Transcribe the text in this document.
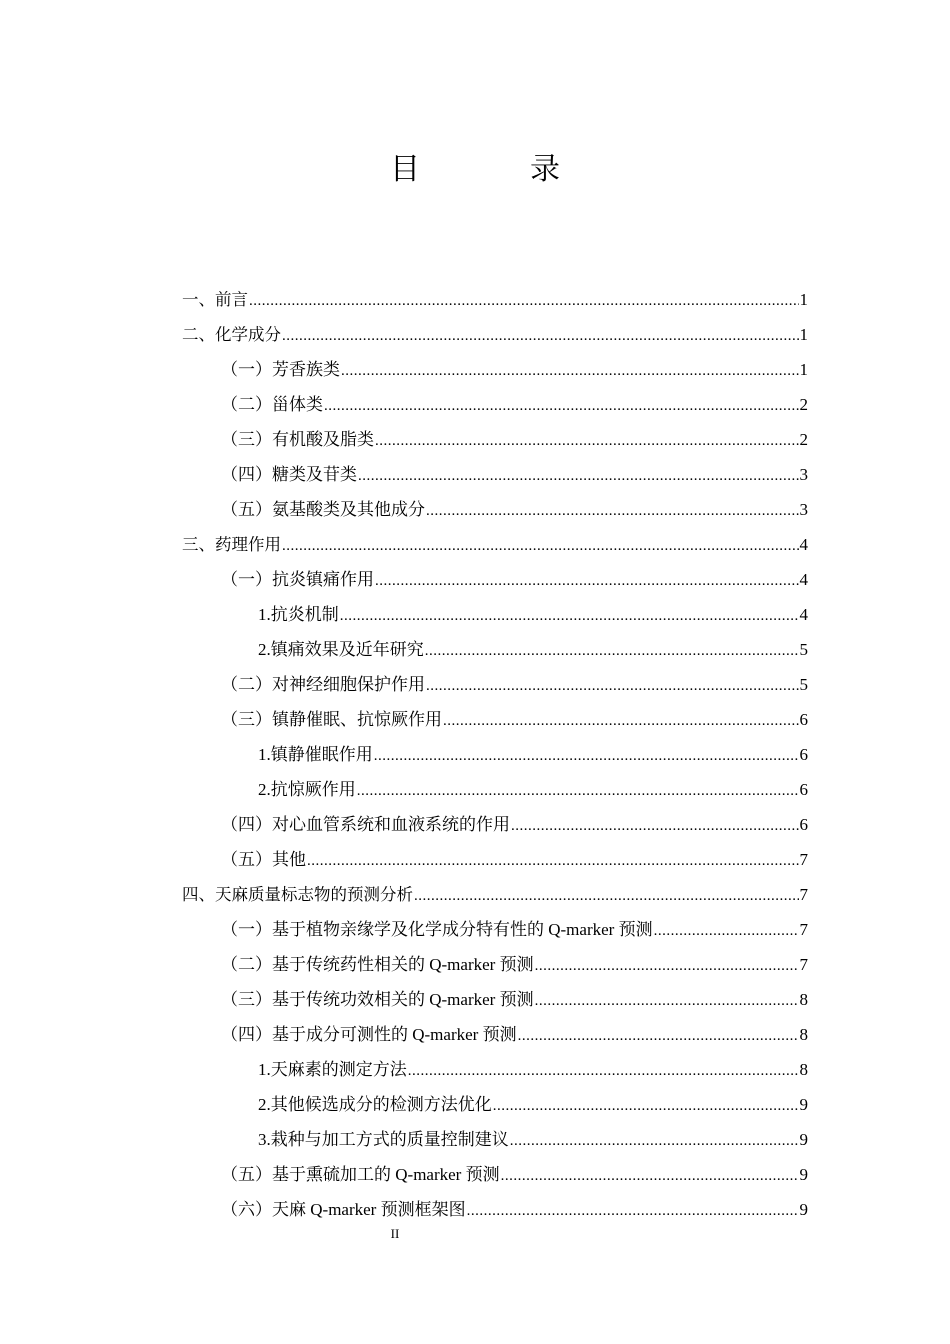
目　录
一、前言 .....	1
二、化学成分 .....	1
（一）芳香族类 .....	1
（二）甾体类 .....	2
（三）有机酸及脂类 .....	2
（四）糖类及苷类 .....	3
（五）氨基酸类及其他成分 .....	3
三、药理作用 .....	4
（一）抗炎镇痛作用 .....	4
1.抗炎机制 .....	4
2.镇痛效果及近年研究 .....	5
（二）对神经细胞保护作用 .....	5
（三）镇静催眠、抗惊厥作用 .....	6
1.镇静催眠作用 .....	6
2.抗惊厥作用 .....	6
（四）对心血管系统和血液系统的作用 .....	6
（五）其他 .....	7
四、天麻质量标志物的预测分析 .....	7
（一）基于植物亲缘学及化学成分特有性的 Q-marker 预测 .....	7
（二）基于传统药性相关的 Q-marker 预测 .....	7
（三）基于传统功效相关的 Q-marker 预测 .....	8
（四）基于成分可测性的 Q-marker 预测 .....	8
1.天麻素的测定方法 .....	8
2.其他候选成分的检测方法优化 .....	9
3.栽种与加工方式的质量控制建议 .....	9
（五）基于熏硫加工的 Q-marker 预测 .....	9
（六）天麻 Q-marker 预测框架图 .....	9
II
